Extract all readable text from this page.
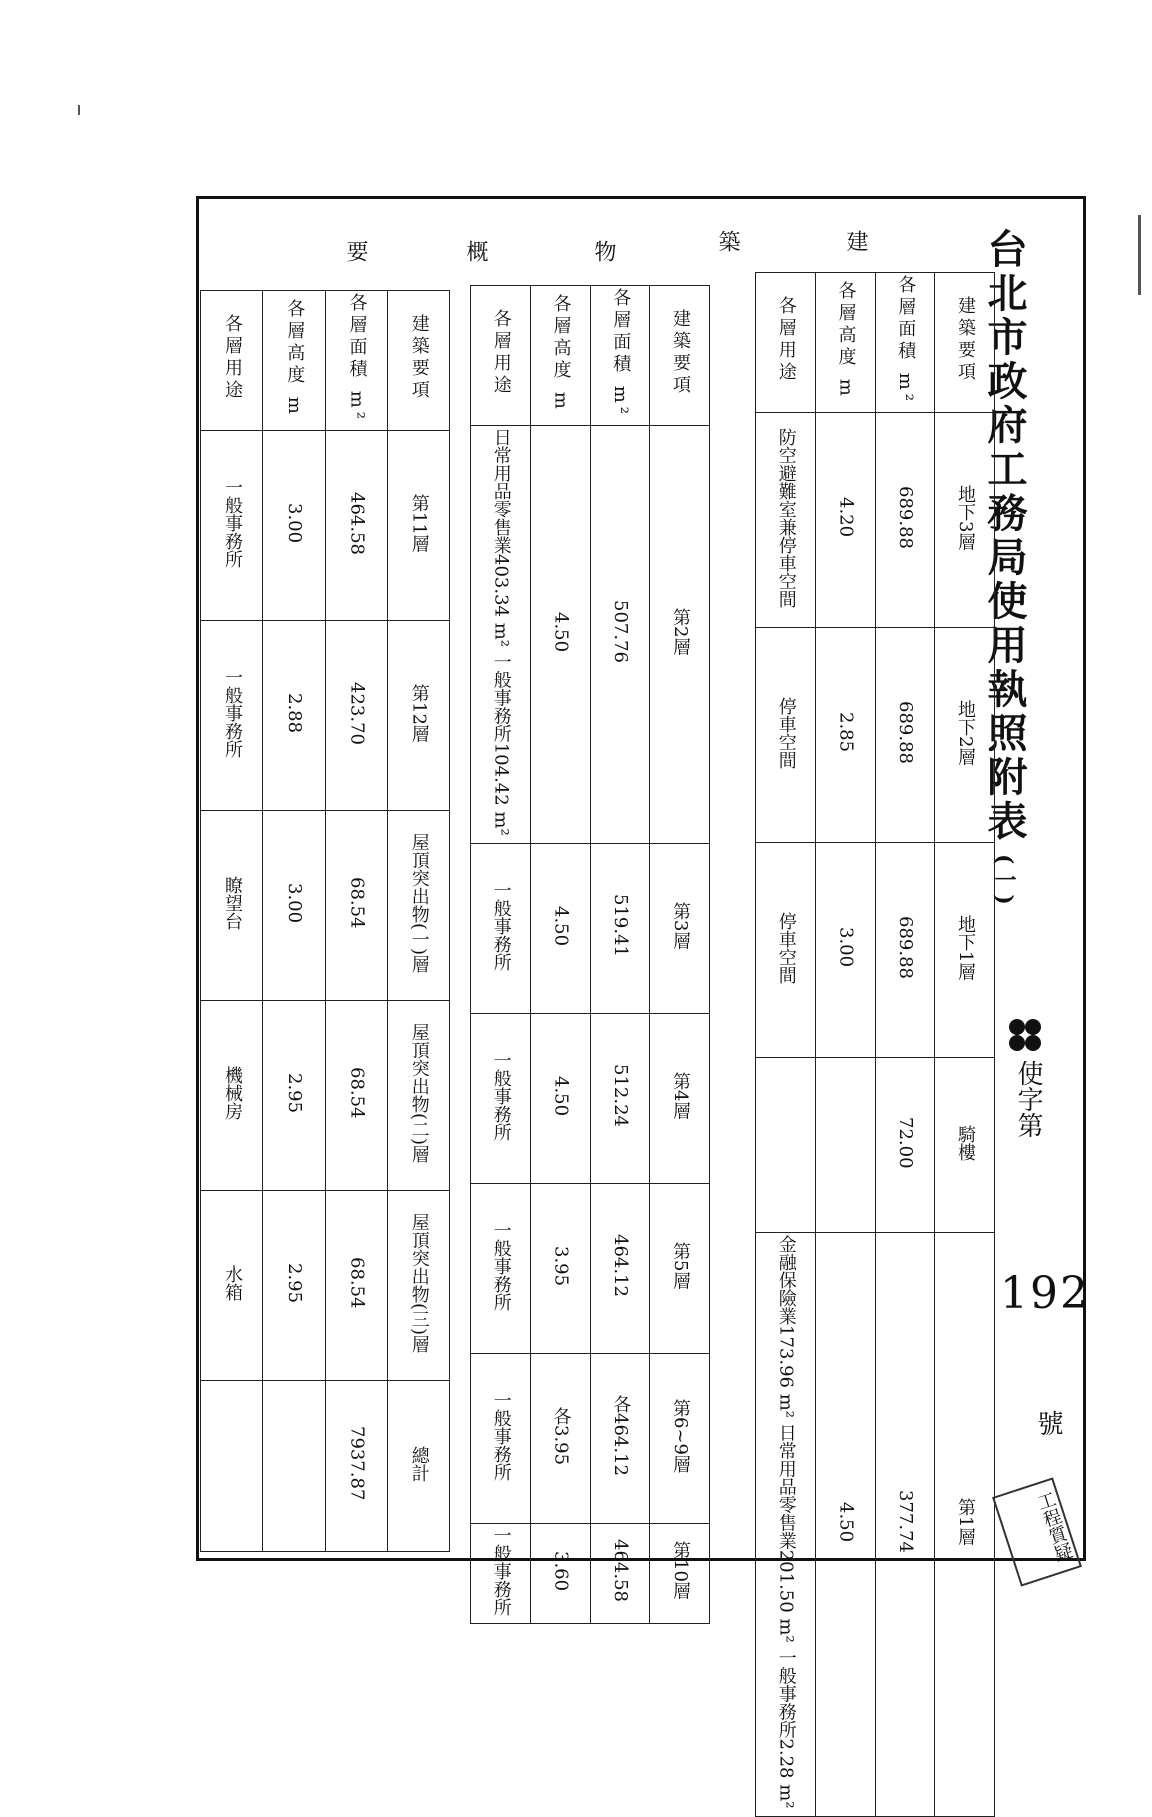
台北市政府工務局使用執照附表(一)
使字第
192
號
建
築
物
概
要
各層用途	各層高度 m	各層面積 m²	建築要項
防空避難室兼停車空間	4.20	689.88	地下3層
停車空間	2.85	689.88	地下2層
停車空間	3.00	689.88	地下1層
		72.00	騎樓
金融保險業173.96 m² 日常用品零售業201.50 m² 一般事務所2.28 m²	4.50	377.74	第1層
各層用途	各層高度 m	各層面積 m²	建築要項
日常用品零售業403.34 m² 一般事務所104.42 m²	4.50	507.76	第2層
一般事務所	4.50	519.41	第3層
一般事務所	4.50	512.24	第4層
一般事務所	3.95	464.12	第5層
一般事務所	各3.95	各464.12	第6~9層
一般事務所	3.60	464.58	第10層
各層用途	各層高度 m	各層面積 m²	建築要項
一般事務所	3.00	464.58	第11層
一般事務所	2.88	423.70	第12層
瞭望台	3.00	68.54	屋頂突出物(一)層
機械房	2.95	68.54	屋頂突出物(二)層
水箱	2.95	68.54	屋頂突出物(三)層
		7937.87	總計
工程質疑
